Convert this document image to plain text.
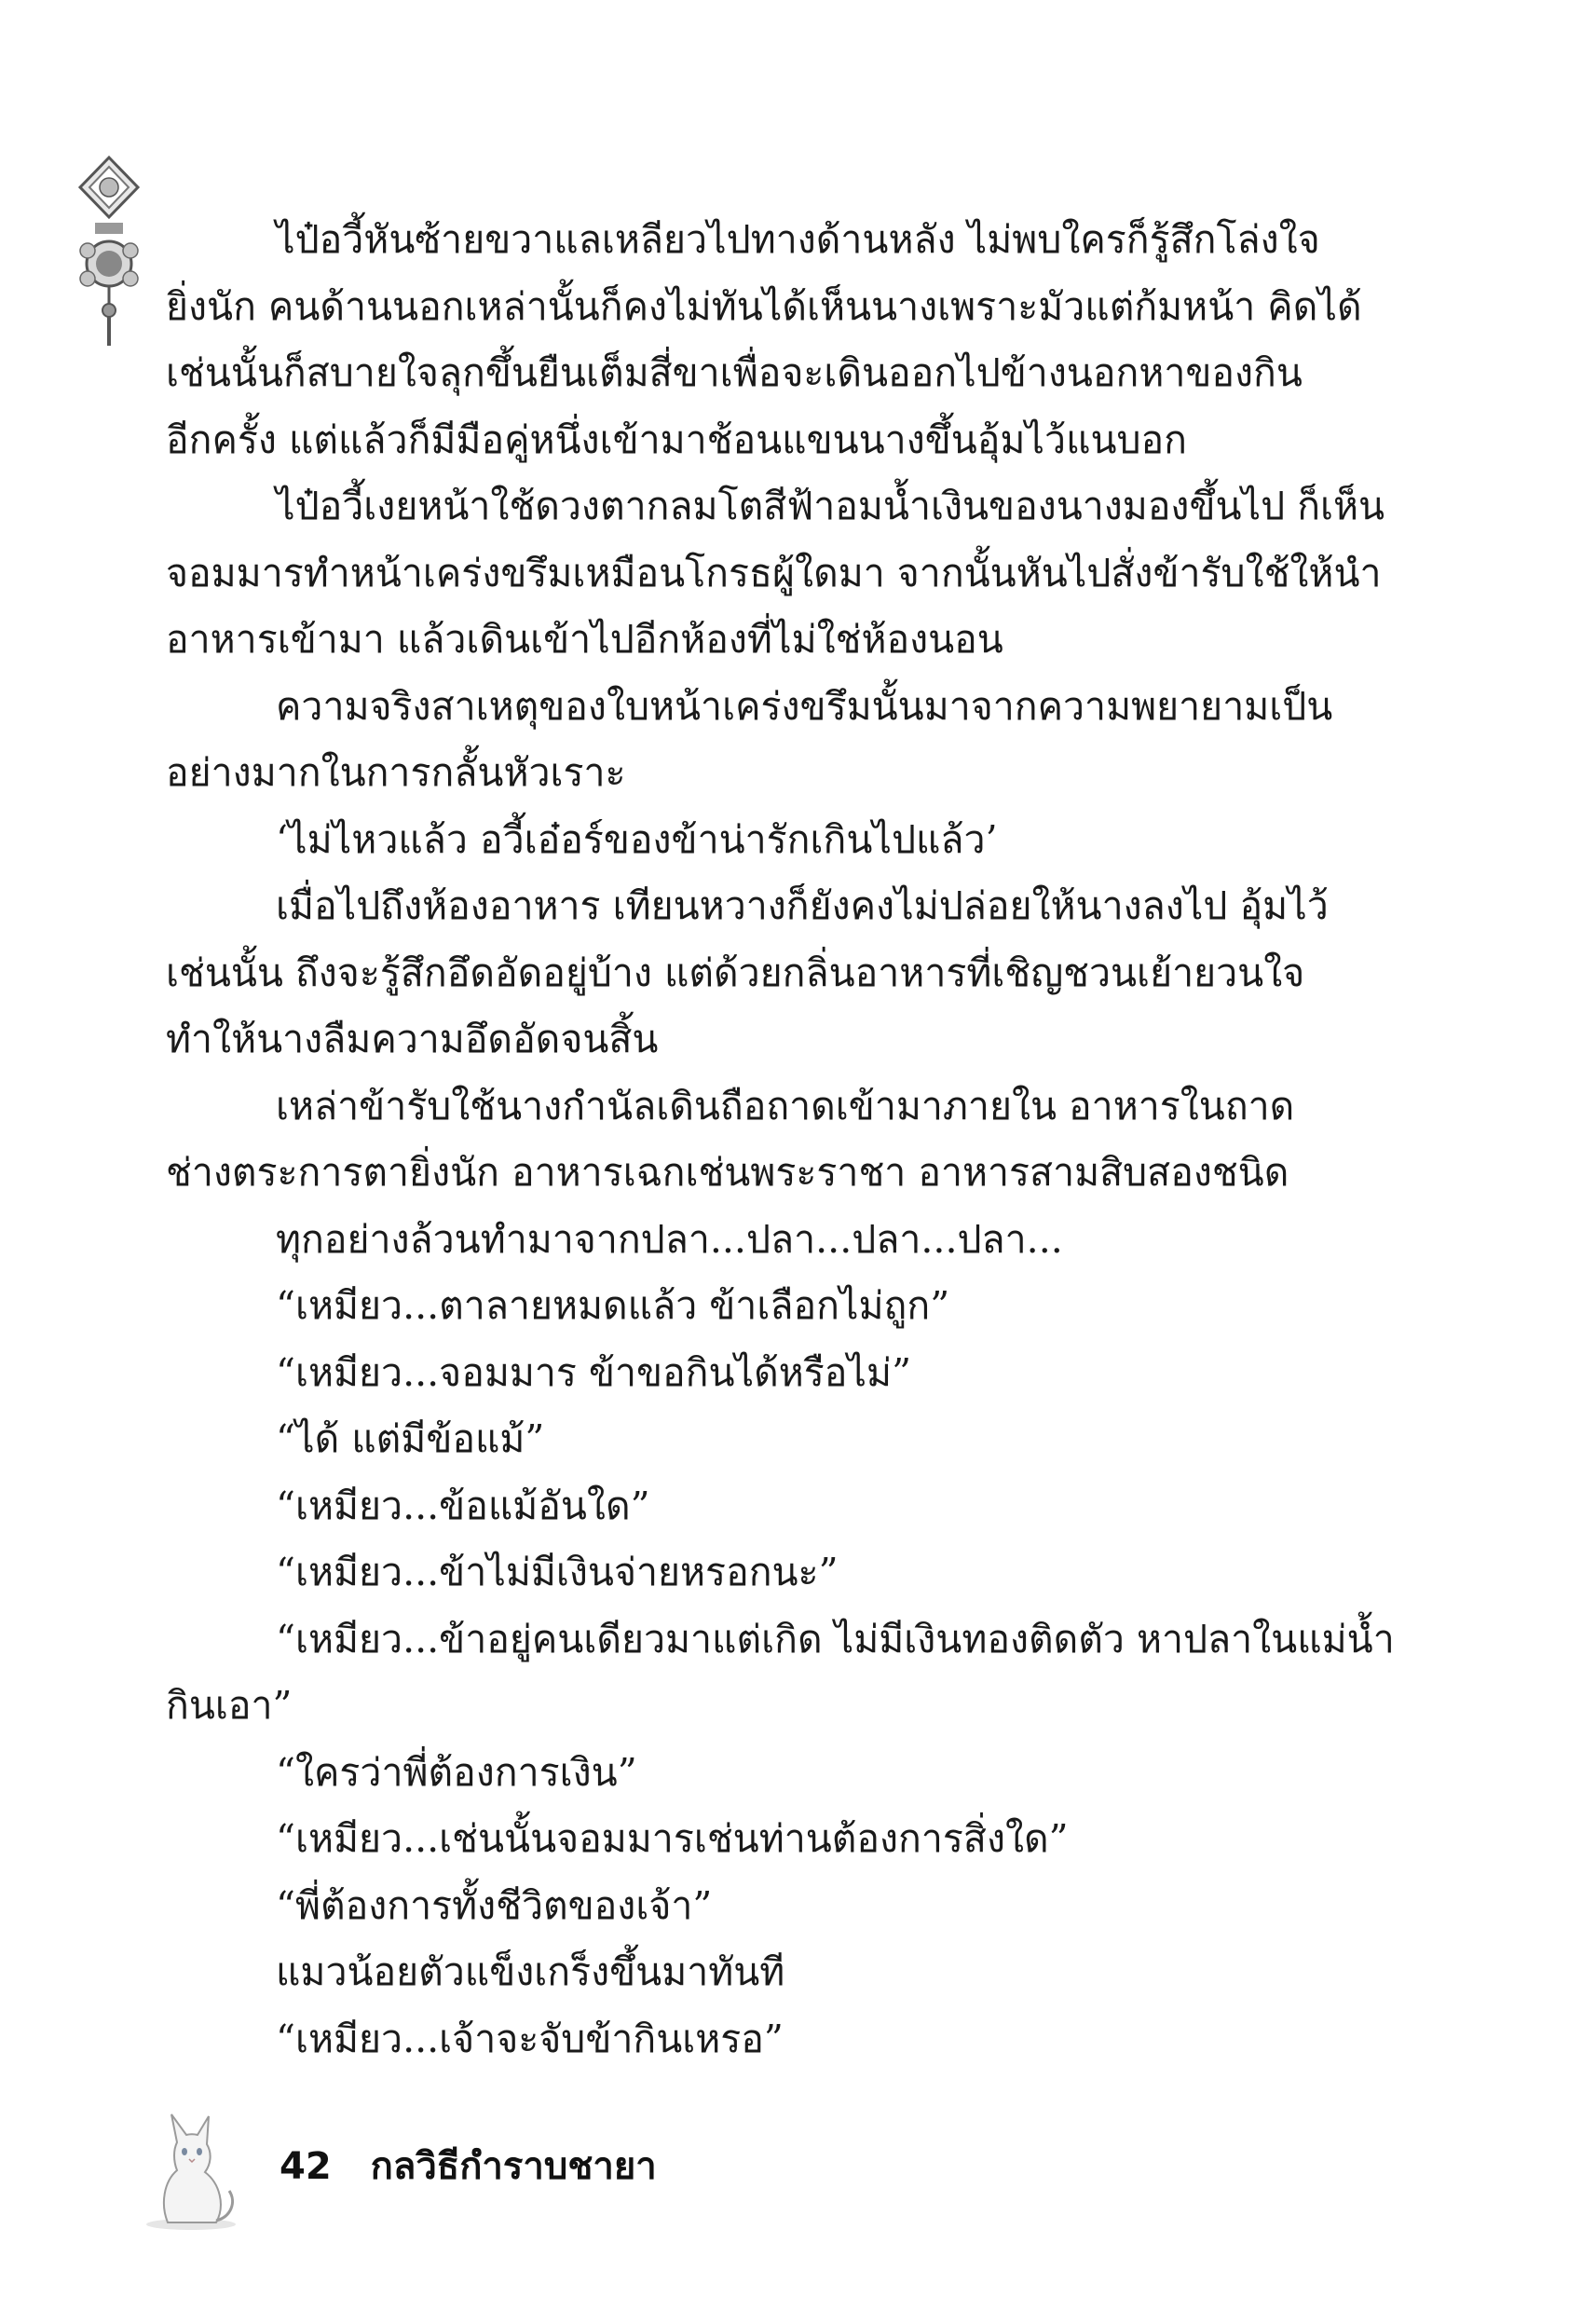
ไป๋อวี้หันซ้ายขวาแลเหลียวไปทางด้านหลัง ไม่พบใครก็รู้สึกโล่งใจ
ยิ่งนัก คนด้านนอกเหล่านั้นก็คงไม่ทันได้เห็นนางเพราะมัวแต่ก้มหน้า คิดได้
เช่นนั้นก็สบายใจลุกขึ้นยืนเต็มสี่ขาเพื่อจะเดินออกไปข้างนอกหาของกิน
อีกครั้ง แต่แล้วก็มีมือคู่หนึ่งเข้ามาช้อนแขนนางขึ้นอุ้มไว้แนบอก
ไป๋อวี้เงยหน้าใช้ดวงตากลมโตสีฟ้าอมน้ำเงินของนางมองขึ้นไป ก็เห็น
จอมมารทำหน้าเคร่งขรึมเหมือนโกรธผู้ใดมา จากนั้นหันไปสั่งข้ารับใช้ให้นำ
อาหารเข้ามา แล้วเดินเข้าไปอีกห้องที่ไม่ใช่ห้องนอน
ความจริงสาเหตุของใบหน้าเคร่งขรึมนั้นมาจากความพยายามเป็น
อย่างมากในการกลั้นหัวเราะ
‘ไม่ไหวแล้ว อวี้เอ๋อร์ของข้าน่ารักเกินไปแล้ว’
เมื่อไปถึงห้องอาหาร เทียนหวางก็ยังคงไม่ปล่อยให้นางลงไป อุ้มไว้
เช่นนั้น ถึงจะรู้สึกอึดอัดอยู่บ้าง แต่ด้วยกลิ่นอาหารที่เชิญชวนเย้ายวนใจ
ทำให้นางลืมความอึดอัดจนสิ้น
เหล่าข้ารับใช้นางกำนัลเดินถือถาดเข้ามาภายใน อาหารในถาด
ช่างตระการตายิ่งนัก อาหารเฉกเช่นพระราชา อาหารสามสิบสองชนิด
ทุกอย่างล้วนทำมาจากปลา...ปลา...ปลา...ปลา...
“เหมียว...ตาลายหมดแล้ว ข้าเลือกไม่ถูก”
“เหมียว...จอมมาร ข้าขอกินได้หรือไม่”
“ได้ แต่มีข้อแม้”
“เหมียว...ข้อแม้อันใด”
“เหมียว...ข้าไม่มีเงินจ่ายหรอกนะ”
“เหมียว...ข้าอยู่คนเดียวมาแต่เกิด ไม่มีเงินทองติดตัว หาปลาในแม่น้ำ
กินเอา”
“ใครว่าพี่ต้องการเงิน”
“เหมียว...เช่นนั้นจอมมารเช่นท่านต้องการสิ่งใด”
“พี่ต้องการทั้งชีวิตของเจ้า”
แมวน้อยตัวแข็งเกร็งขึ้นมาทันที
“เหมียว...เจ้าจะจับข้ากินเหรอ”
42 กลวิธีกำราบชายา
